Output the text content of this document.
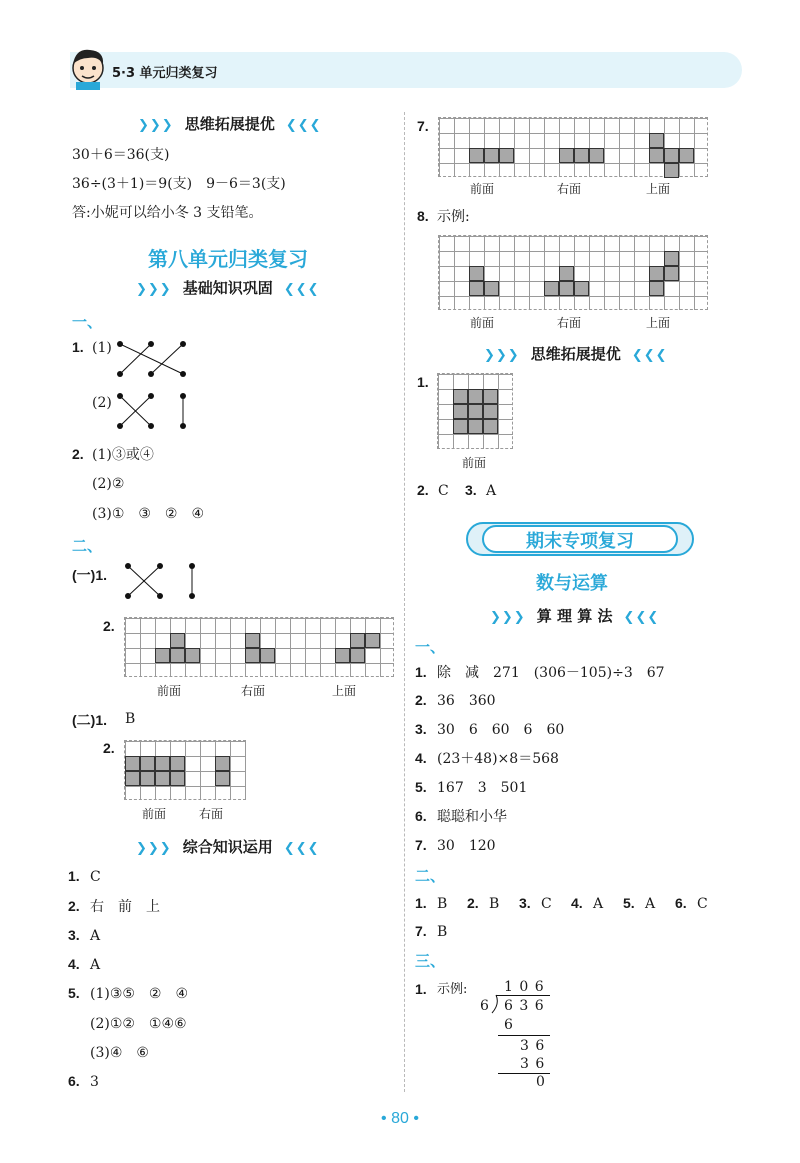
5·3 单元归类复习
❯❯❯ 思维拓展提优 ❮❮❮
30＋6＝36(支)
36÷(3＋1)＝9(支)　9－6＝3(支)
答:小妮可以给小冬 3 支铅笔。
第八单元归类复习
❯❯❯ 基础知识巩固 ❮❮❮
一、
1. (1)
(2)
2. (1)③或④
(2)②
(3)①　③　②　④
二、
(一)1.
2.
前面	右面	上面
(二)1. B
2.
前面	右面
❯❯❯ 综合知识运用 ❮❮❮
1. C
2. 右　前　上
3. A
4. A
5. (1)③⑤　②　④
(2)①②　①④⑥
(3)④　⑥
6. 3
7.
前面	右面	上面
8. 示例:
前面	右面	上面
❯❯❯ 思维拓展提优 ❮❮❮
1.
前面
2. C 3. A
期末专项复习
数与运算
❯❯❯ 算 理 算 法 ❮❮❮
一、
1. 除　减　271　(306－105)÷3　67
2. 36　360
3. 30　6　60　6　60
4. (23＋48)×8＝568
5. 167　3　501
6. 聪聪和小华
7. 30　120
二、
1. B	2. B	3. C	4. A	5. A	6. C
7. B
三、
1. 示例:	1 0 6
6 6 3 6
6
3 6
3 6
0
• 80 •
